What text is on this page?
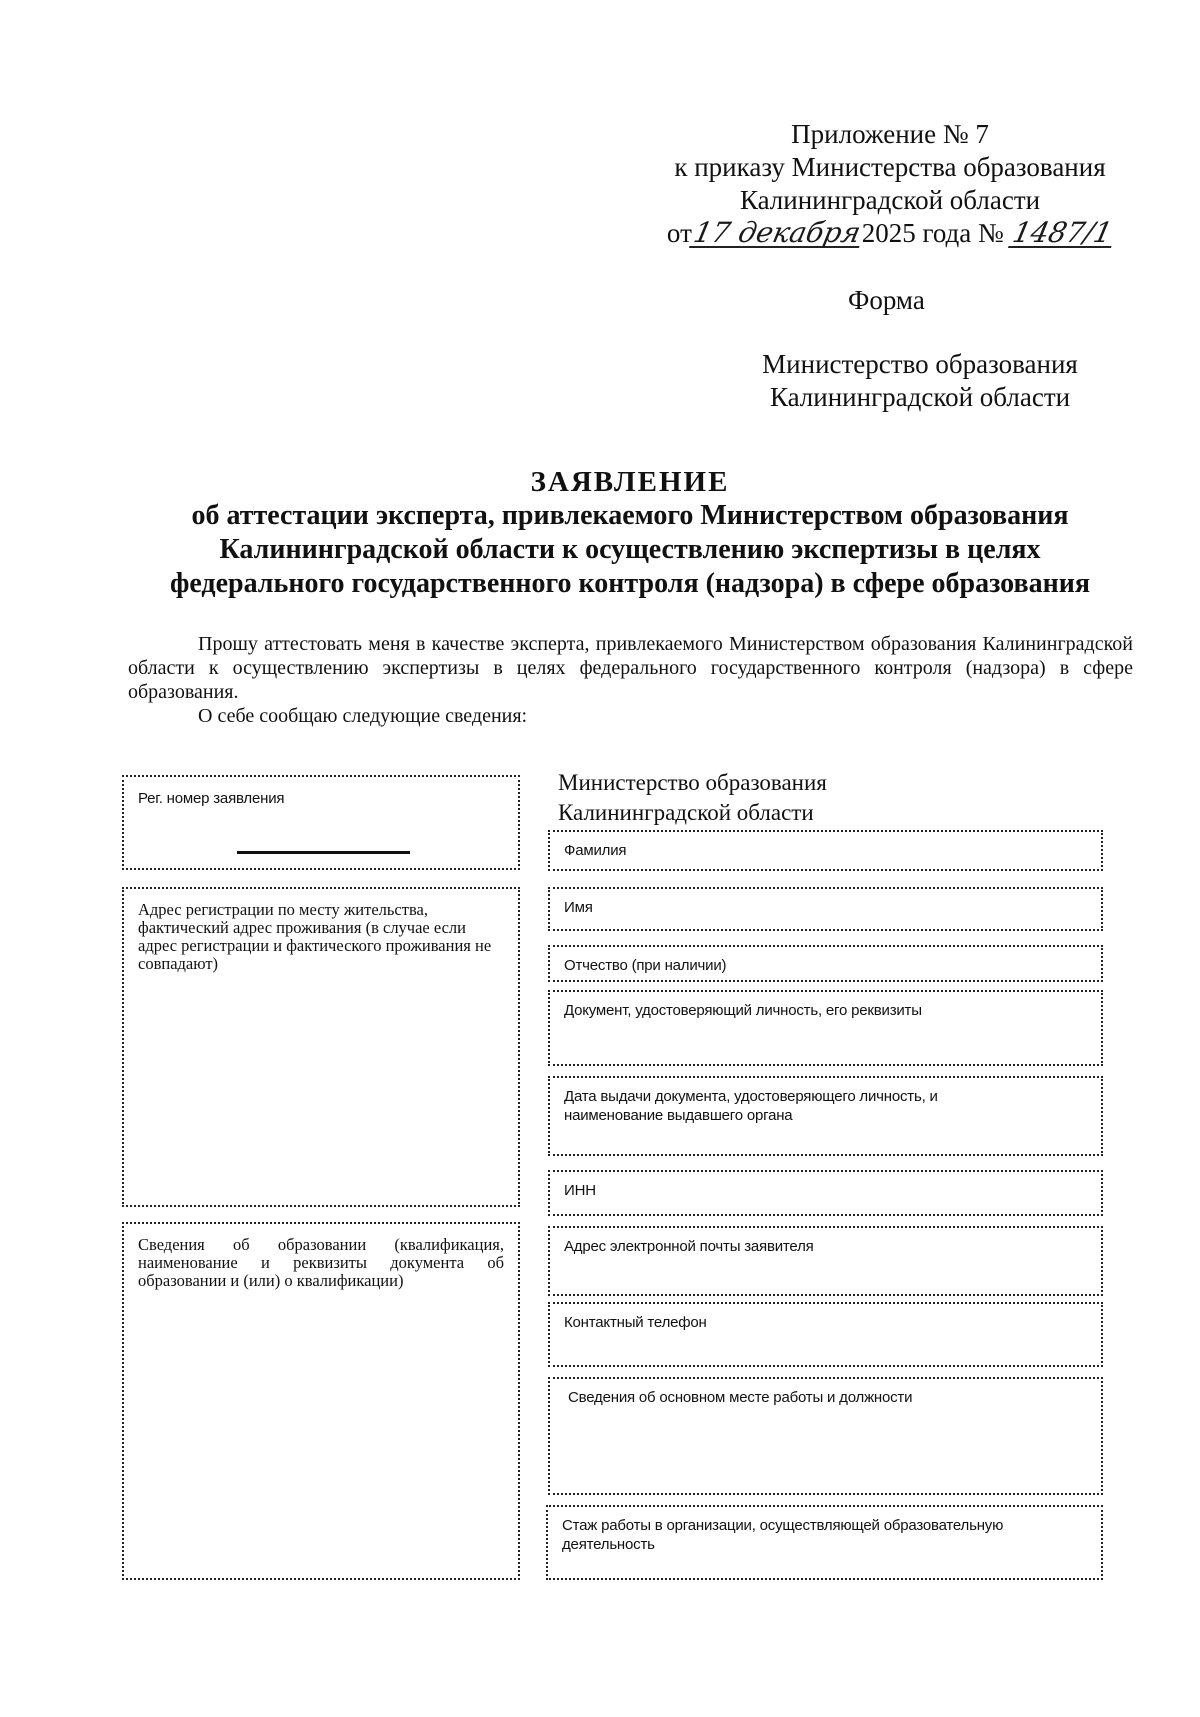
Приложение № 7
к приказу Министерства образования
Калининградской области
от17 декабря2025 года № 1487/1
Форма
Министерство образования
Калининградской области
ЗАЯВЛЕНИЕ
об аттестации эксперта, привлекаемого Министерством образования
Калининградской области к осуществлению экспертизы в целях
федерального государственного контроля (надзора) в сфере образования

Прошу аттестовать меня в качестве эксперта, привлекаемого Министерством образования Калининградской области к осуществлению экспертизы в целях федерального государственного контроля (надзора) в сфере образования.

О себе сообщаю следующие сведения:
Рег. номер заявления
Адрес регистрации по месту жительства, фактический адрес проживания (в случае если адрес регистрации и фактического проживания не совпадают)
Сведения об образовании (квалификация, наименование и реквизиты документа об образовании и (или) о квалификации)
Министерство образования
Калининградской области
Фамилия
Имя
Отчество (при наличии)
Документ, удостоверяющий личность, его реквизиты
Дата выдачи документа, удостоверяющего личность, и наименование выдавшего органа
ИНН
Адрес электронной почты заявителя
Контактный телефон
Сведения об основном месте работы и должности
Стаж работы в организации, осуществляющей образовательную деятельность
